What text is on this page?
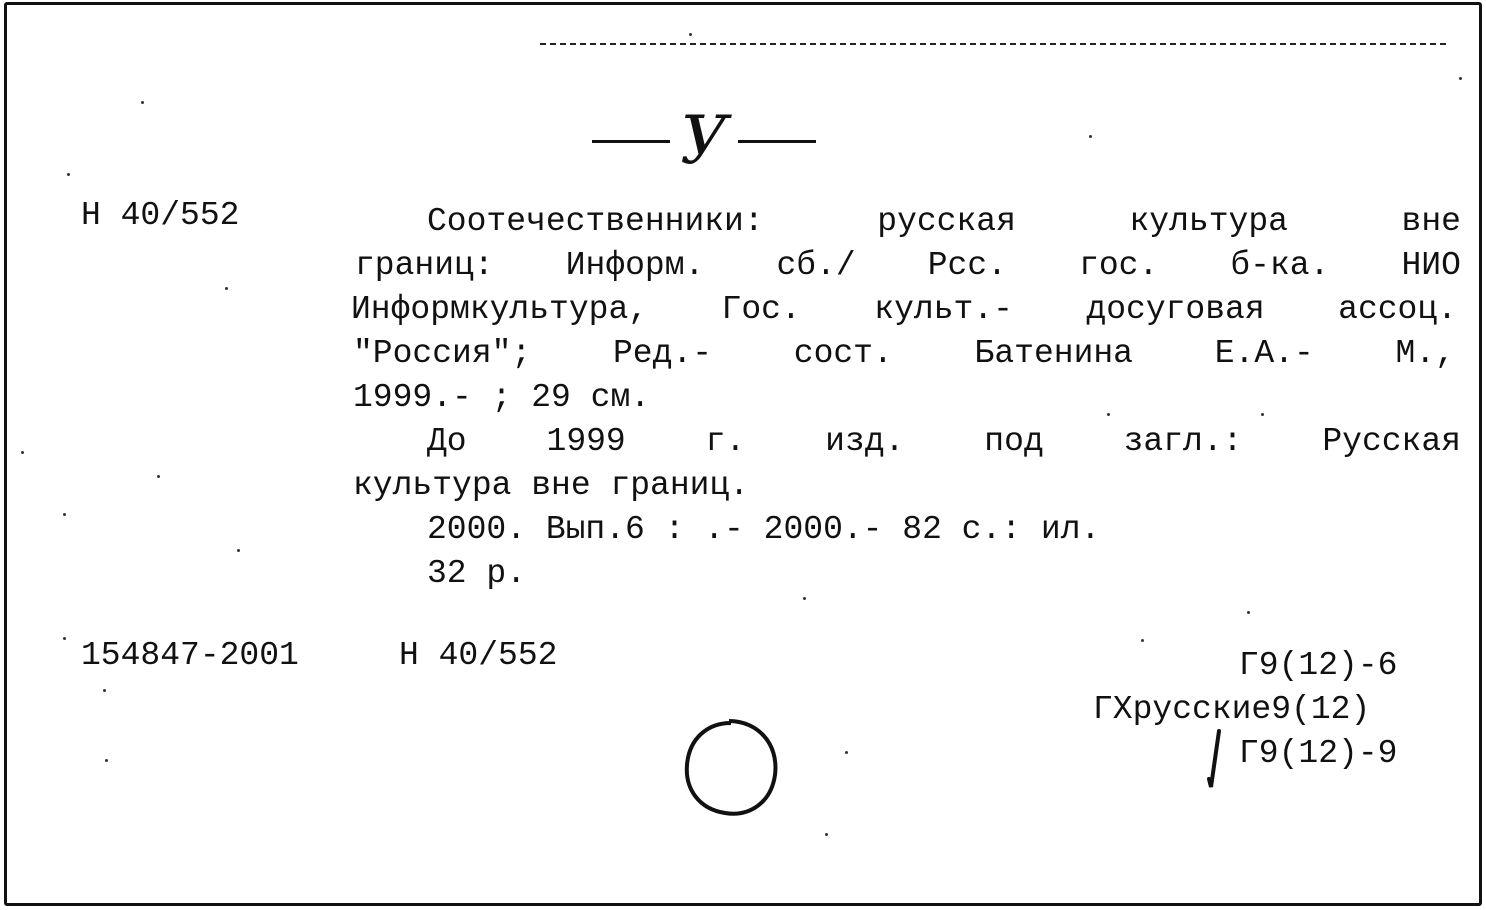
У
Н 40/552	Соотечественники:	русская	культура	вне
границ: Информ. сб./ Рсс. гос. б-ка. НИО
Информкультура, Гос. культ.- досуговая ассоц.
"Россия"; Ред.- сост. Батенина Е.А.- М.,
1999.- ; 29 см.
До 1999 г. изд. под загл.: Русская
культура вне границ.
2000. Вып.6 : .- 2000.- 82 с.: ил.
32 р.
154847-2001	Н 40/552	Г9(12)-6
ГХрусские9(12)
Г9(12)-9
